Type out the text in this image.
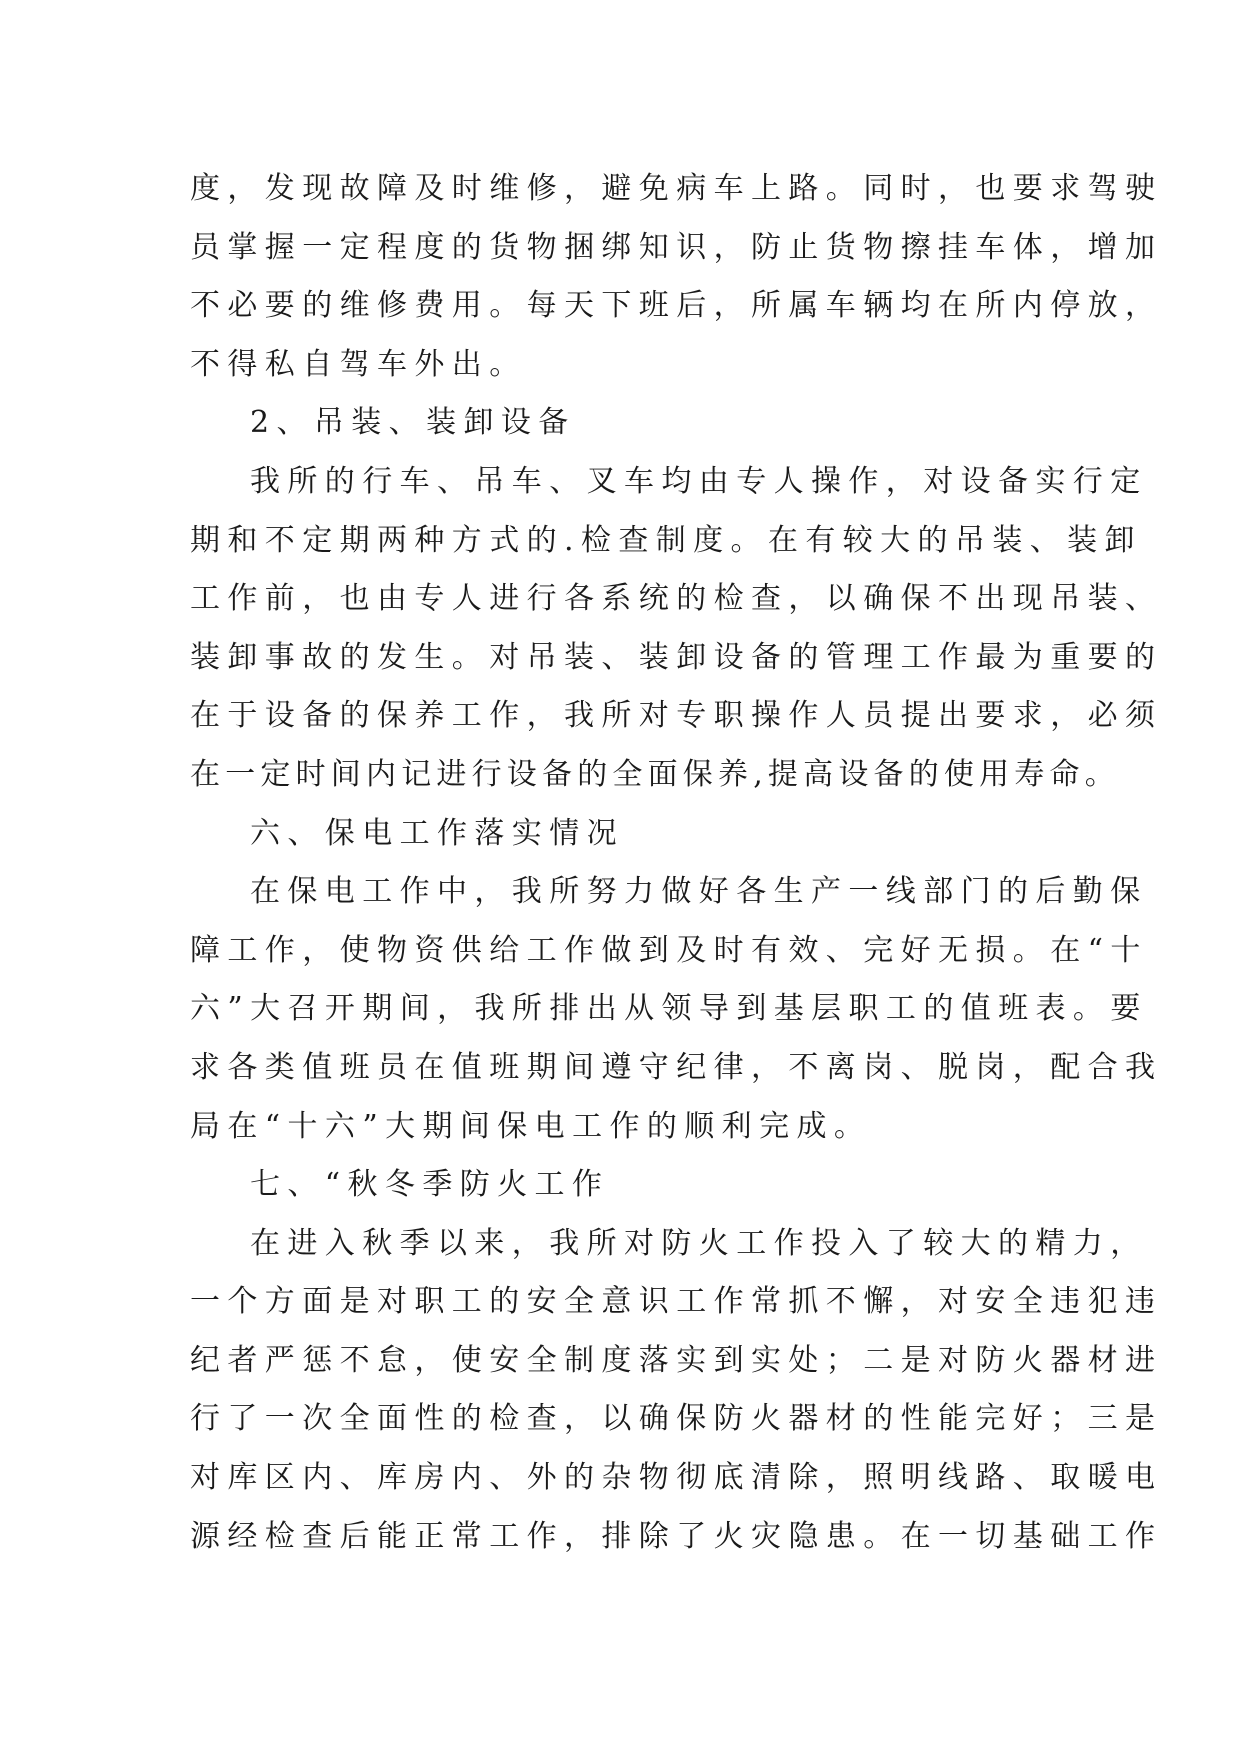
度，发现故障及时维修，避免病车上路。同时，也要求驾驶
员掌握一定程度的货物捆绑知识，防止货物擦挂车体，增加
不必要的维修费用。每天下班后，所属车辆均在所内停放，
不得私自驾车外出。
2、吊装、装卸设备
我所的行车、吊车、叉车均由专人操作，对设备实行定
期和不定期两种方式的.检查制度。在有较大的吊装、装卸
工作前，也由专人进行各系统的检查，以确保不出现吊装、
装卸事故的发生。对吊装、装卸设备的管理工作最为重要的
在于设备的保养工作，我所对专职操作人员提出要求，必须
在一定时间内记进行设备的全面保养,提高设备的使用寿命。
六、保电工作落实情况
在保电工作中，我所努力做好各生产一线部门的后勤保
障工作，使物资供给工作做到及时有效、完好无损。在“十
六”大召开期间，我所排出从领导到基层职工的值班表。要
求各类值班员在值班期间遵守纪律，不离岗、脱岗，配合我
局在“十六”大期间保电工作的顺利完成。
七、“秋冬季防火工作
在进入秋季以来，我所对防火工作投入了较大的精力，
一个方面是对职工的安全意识工作常抓不懈，对安全违犯违
纪者严惩不怠，使安全制度落实到实处；二是对防火器材进
行了一次全面性的检查，以确保防火器材的性能完好；三是
对库区内、库房内、外的杂物彻底清除，照明线路、取暖电
源经检查后能正常工作，排除了火灾隐患。在一切基础工作
